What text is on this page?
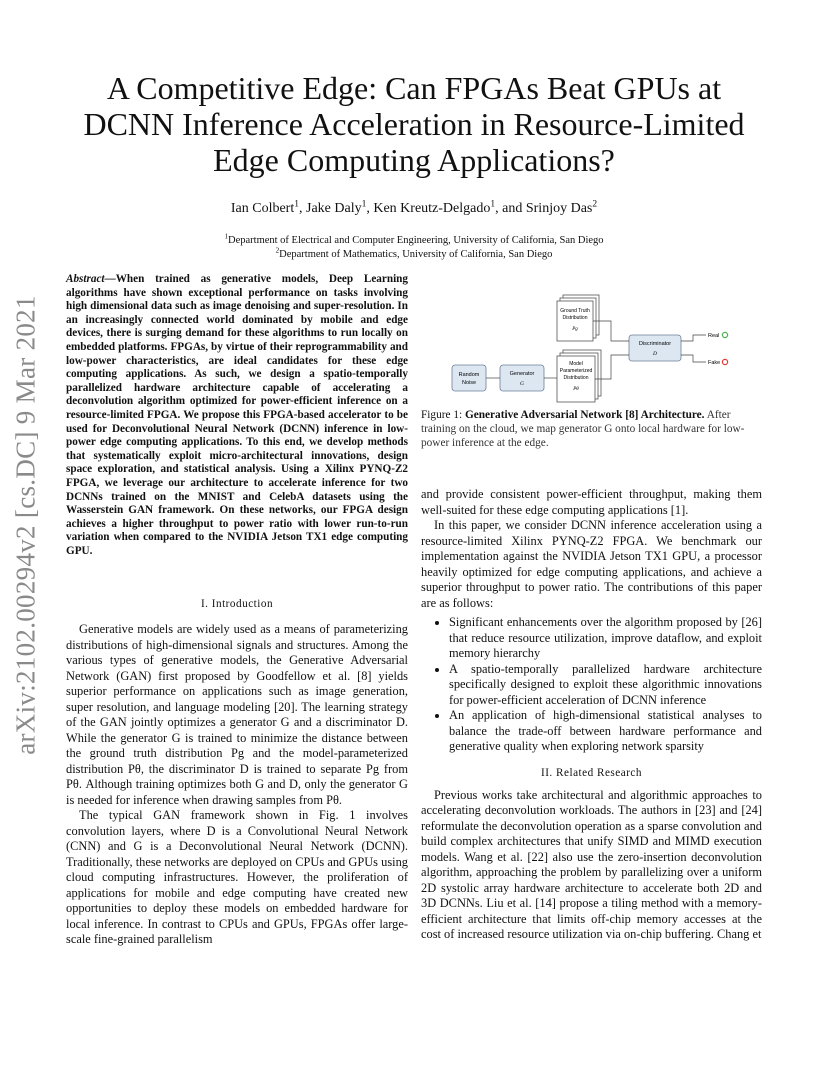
arXiv:2102.00294v2 [cs.DC] 9 Mar 2021
A Competitive Edge: Can FPGAs Beat GPUs at
DCNN Inference Acceleration in Resource-Limited
Edge Computing Applications?
Ian Colbert$^1$, Jake Daly$^1$, Ken Kreutz-Delgado$^1$, and Srinjoy Das$^2$
$^1$Department of Electrical and Computer Engineering, University of California, San Diego
$^2$Department of Mathematics, University of California, San Diego

Abstract—When trained as generative models, Deep Learning algorithms have shown exceptional performance on tasks involving high dimensional data such as image denoising and super-resolution. In an increasingly connected world dominated by mobile and edge devices, there is surging demand for these algorithms to run locally on embedded platforms. FPGAs, by virtue of their reprogrammability and low-power characteristics, are ideal candidates for these edge computing applications. As such, we design a spatio-temporally parallelized hardware architecture capable of accelerating a deconvolution algorithm optimized for power-efficient inference on a resource-limited FPGA. We propose this FPGA-based accelerator to be used for Deconvolutional Neural Network (DCNN) inference in low-power edge computing applications. To this end, we develop methods that systematically exploit micro-architectural innovations, design space exploration, and statistical analysis. Using a Xilinx PYNQ-Z2 FPGA, we leverage our architecture to accelerate inference for two DCNNs trained on the MNIST and CelebA datasets using the Wasserstein GAN framework. On these networks, our FPGA design achieves a higher throughput to power ratio with lower run-to-run variation when compared to the NVIDIA Jetson TX1 edge computing GPU.

I. Introduction

Generative models are widely used as a means of parameterizing distributions of high-dimensional signals and structures. Among the various types of generative models, the Generative Adversarial Network (GAN) first proposed by Goodfellow et al. [8] yields superior performance on applications such as image generation, super resolution, and language modeling [20]. The learning strategy of the GAN jointly optimizes a generator G and a discriminator D. While the generator G is trained to minimize the distance between the ground truth distribution Pg and the model-parameterized distribution Pθ, the discriminator D is trained to separate Pg from Pθ. Although training optimizes both G and D, only the generator G is needed for inference when drawing samples from Pθ.

The typical GAN framework shown in Fig. 1 involves convolution layers, where D is a Convolutional Neural Network (CNN) and G is a Deconvolutional Neural Network (DCNN). Traditionally, these networks are deployed on CPUs and GPUs using cloud computing infrastructures. However, the proliferation of applications for mobile and edge computing have created new opportunities to deploy these models on embedded hardware for local inference. In contrast to CPUs and GPUs, FPGAs offer large-scale fine-grained parallelism

Ground Truth
Distribution
Pg
Model
Parameterized
Distribution
Pθ
Random
Noise
Generator
G
Discriminator
D
Real
Fake

Figure 1: Generative Adversarial Network [8] Architecture. After training on the cloud, we map generator G onto local hardware for low-power inference at the edge.

and provide consistent power-efficient throughput, making them well-suited for these edge computing applications [1].

In this paper, we consider DCNN inference acceleration using a resource-limited Xilinx PYNQ-Z2 FPGA. We benchmark our implementation against the NVIDIA Jetson TX1 GPU, a processor heavily optimized for edge computing applications, and achieve a superior throughput to power ratio. The contributions of this paper are as follows:

• Significant enhancements over the algorithm proposed by [26] that reduce resource utilization, improve dataflow, and exploit memory hierarchy
• A spatio-temporally parallelized hardware architecture specifically designed to exploit these algorithmic innovations for power-efficient acceleration of DCNN inference
• An application of high-dimensional statistical analyses to balance the trade-off between hardware performance and generative quality when exploring network sparsity

II. Related Research

Previous works take architectural and algorithmic approaches to accelerating deconvolution workloads. The authors in [23] and [24] reformulate the deconvolution operation as a sparse convolution and build complex architectures that unify SIMD and MIMD execution models. Wang et al. [22] also use the zero-insertion deconvolution algorithm, approaching the problem by parallelizing over a uniform 2D systolic array hardware architecture to accelerate both 2D and 3D DCNNs. Liu et al. [14] propose a tiling method with a memory-efficient architecture that limits off-chip memory accesses at the cost of increased resource utilization via on-chip buffering. Chang et
